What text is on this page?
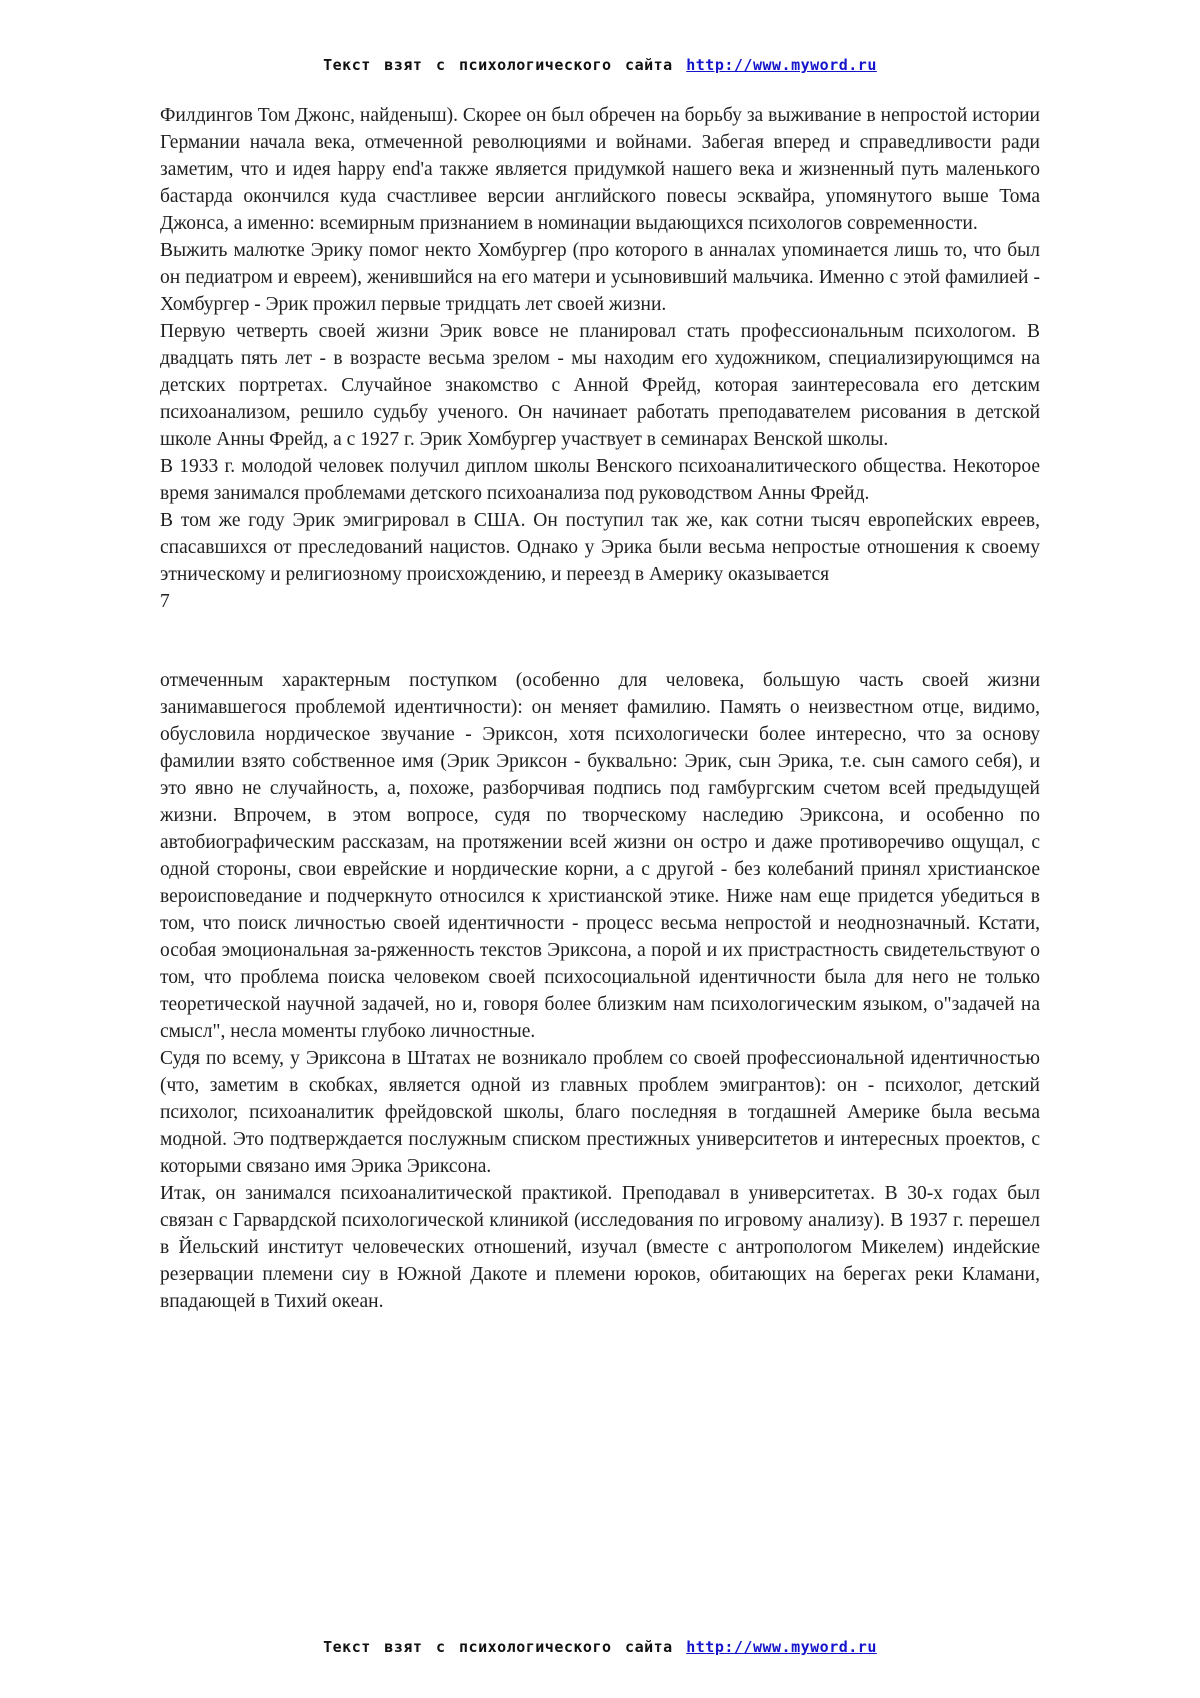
Текст взят с психологического сайта http://www.myword.ru

Филдингов Том Джонс, найденыш). Скорее он был обречен на борьбу за выживание в непростой истории Германии начала века, отмеченной революциями и войнами. Забегая вперед и справедливости ради заметим, что и идея happy end'a также является придумкой нашего века и жизненный путь маленького бастарда окончился куда счастливее версии английского повесы эсквайра, упомянутого выше Тома Джонса, а именно: всемирным признанием в номинации выдающихся психологов современности.

Выжить малютке Эрику помог некто Хомбургер (про которого в анналах упоминается лишь то, что был он педиатром и евреем), женившийся на его матери и усыновивший мальчика. Именно с этой фамилией - Хомбургер - Эрик прожил первые тридцать лет своей жизни.

Первую четверть своей жизни Эрик вовсе не планировал стать профессиональным психологом. В двадцать пять лет - в возрасте весьма зрелом - мы находим его художником, специализирующимся на детских портретах. Случайное знакомство с Анной Фрейд, которая заинтересовала его детским психоанализом, решило судьбу ученого. Он начинает работать преподавателем рисования в детской школе Анны Фрейд, а с 1927 г. Эрик Хомбургер участвует в семинарах Венской школы.

В 1933 г. молодой человек получил диплом школы Венского психоаналитического общества. Некоторое время занимался проблемами детского психоанализа под руководством Анны Фрейд.

В том же году Эрик эмигрировал в США. Он поступил так же, как сотни тысяч европейских евреев, спасавшихся от преследований нацистов. Однако у Эрика были весьма непростые отношения к своему этническому и религиозному происхождению, и переезд в Америку оказывается

7

отмеченным характерным поступком (особенно для человека, большую часть своей жизни занимавшегося проблемой идентичности): он меняет фамилию. Память о неизвестном отце, видимо, обусловила нордическое звучание - Эриксон, хотя психологически более интересно, что за основу фамилии взято собственное имя (Эрик Эриксон - буквально: Эрик, сын Эрика, т.е. сын самого себя), и это явно не случайность, а, похоже, разборчивая подпись под гамбургским счетом всей предыдущей жизни. Впрочем, в этом вопросе, судя по творческому наследию Эриксона, и особенно по автобиографическим рассказам, на протяжении всей жизни он остро и даже противоречиво ощущал, с одной стороны, свои еврейские и нордические корни, а с другой - без колебаний принял христианское вероисповедание и подчеркнуто относился к христианской этике. Ниже нам еще придется убедиться в том, что поиск личностью своей идентичности - процесс весьма непростой и неоднозначный. Кстати, особая эмоциональная за-ряженность текстов Эриксона, а порой и их пристрастность свидетельствуют о том, что проблема поиска человеком своей психосоциальной идентичности была для него не только теоретической научной задачей, но и, говоря более близким нам психологическим языком, о"задачей на смысл", несла моменты глубоко личностные.

Судя по всему, у Эриксона в Штатах не возникало проблем со своей профессиональной идентичностью (что, заметим в скобках, является одной из главных проблем эмигрантов): он - психолог, детский психолог, психоаналитик фрейдовской школы, благо последняя в тогдашней Америке была весьма модной. Это подтверждается послужным списком престижных университетов и интересных проектов, с которыми связано имя Эрика Эриксона.

Итак, он занимался психоаналитической практикой. Преподавал в университетах. В 30-х годах был связан с Гарвардской психологической клиникой (исследования по игровому анализу). В 1937 г. перешел в Йельский институт человеческих отношений, изучал (вместе с антропологом Микелем) индейские резервации племени сиу в Южной Дакоте и племени юроков, обитающих на берегах реки Кламани, впадающей в Тихий океан.

Текст взят с психологического сайта http://www.myword.ru
